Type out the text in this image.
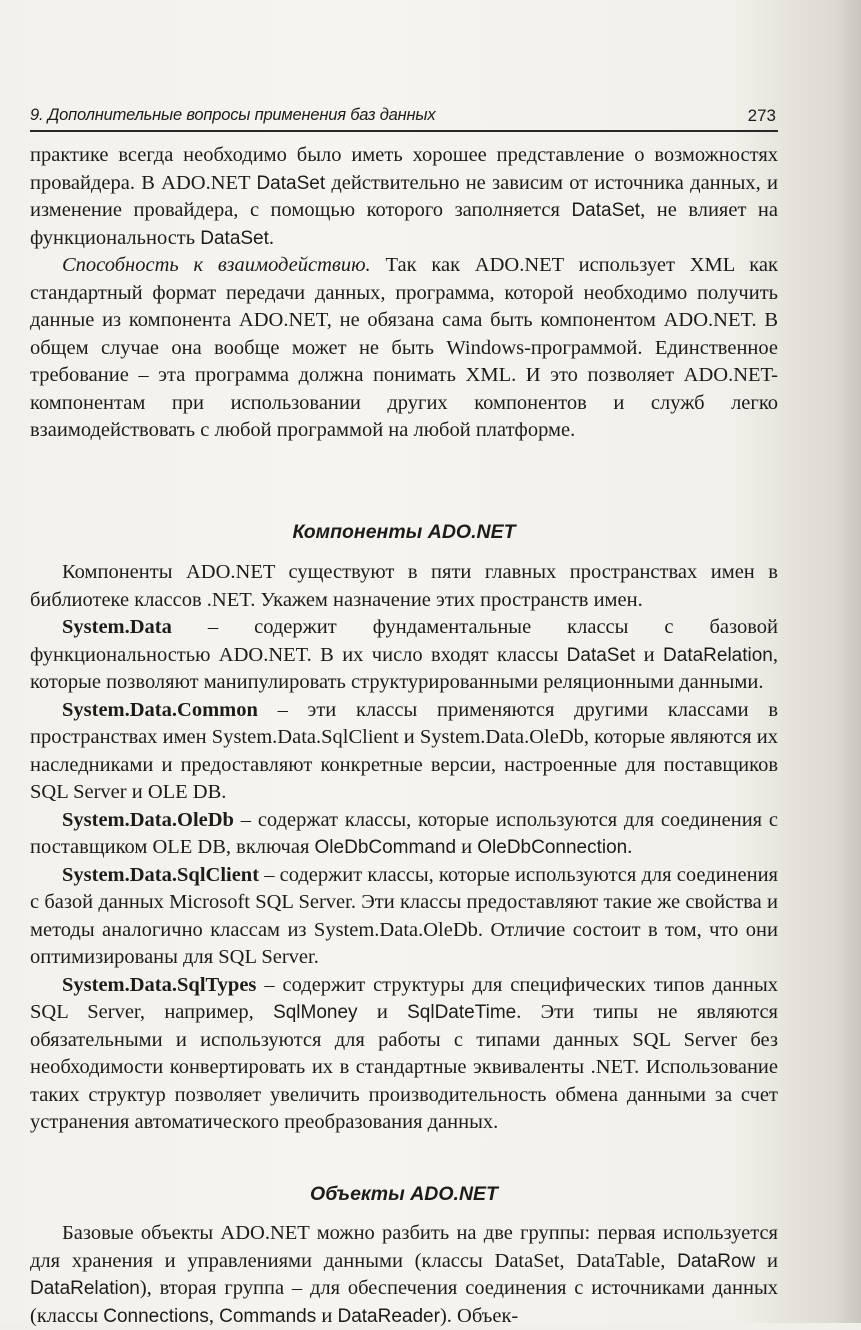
9. Дополнительные вопросы применения баз данных	273

практике всегда необходимо было иметь хорошее представление о возможностях провайдера. В ADO.NET DataSet действительно не зависим от источника данных, и изменение провайдера, с помощью которого заполняется DataSet, не влияет на функциональность DataSet.

Способность к взаимодействию. Так как ADO.NET использует XML как стандартный формат передачи данных, программа, которой необходимо получить данные из компонента ADO.NET, не обязана сама быть компонентом ADO.NET. В общем случае она вообще может не быть Windows-программой. Единственное требование – эта программа должна понимать XML. И это позволяет ADO.NET-компонентам при использовании других компонентов и служб легко взаимодействовать с любой программой на любой платформе.

Компоненты ADO.NET

Компоненты ADO.NET существуют в пяти главных пространствах имен в библиотеке классов .NET. Укажем назначение этих пространств имен.

System.Data – содержит фундаментальные классы с базовой функциональностью ADO.NET. В их число входят классы DataSet и DataRelation, которые позволяют манипулировать структурированными реляционными данными.

System.Data.Common – эти классы применяются другими классами в пространствах имен System.Data.SqlClient и System.Data.OleDb, которые являются их наследниками и предоставляют конкретные версии, настроенные для поставщиков SQL Server и OLE DB.

System.Data.OleDb – содержат классы, которые используются для соединения с поставщиком OLE DB, включая OleDbCommand и OleDbConnection.

System.Data.SqlClient – содержит классы, которые используются для соединения с базой данных Microsoft SQL Server. Эти классы предоставляют такие же свойства и методы аналогично классам из System.Data.OleDb. Отличие состоит в том, что они оптимизированы для SQL Server.

System.Data.SqlTypes – содержит структуры для специфических типов данных SQL Server, например, SqlMoney и SqlDateTime. Эти типы не являются обязательными и используются для работы с типами данных SQL Server без необходимости конвертировать их в стандартные эквиваленты .NET. Использование таких структур позволяет увеличить производительность обмена данными за счет устранения автоматического преобразования данных.

Объекты ADO.NET

Базовые объекты ADO.NET можно разбить на две группы: первая используется для хранения и управлениями данными (классы DataSet, DataTable, DataRow и DataRelation), вторая группа – для обеспечения соединения с источниками данных (классы Connections, Commands и DataReader). Объек-
